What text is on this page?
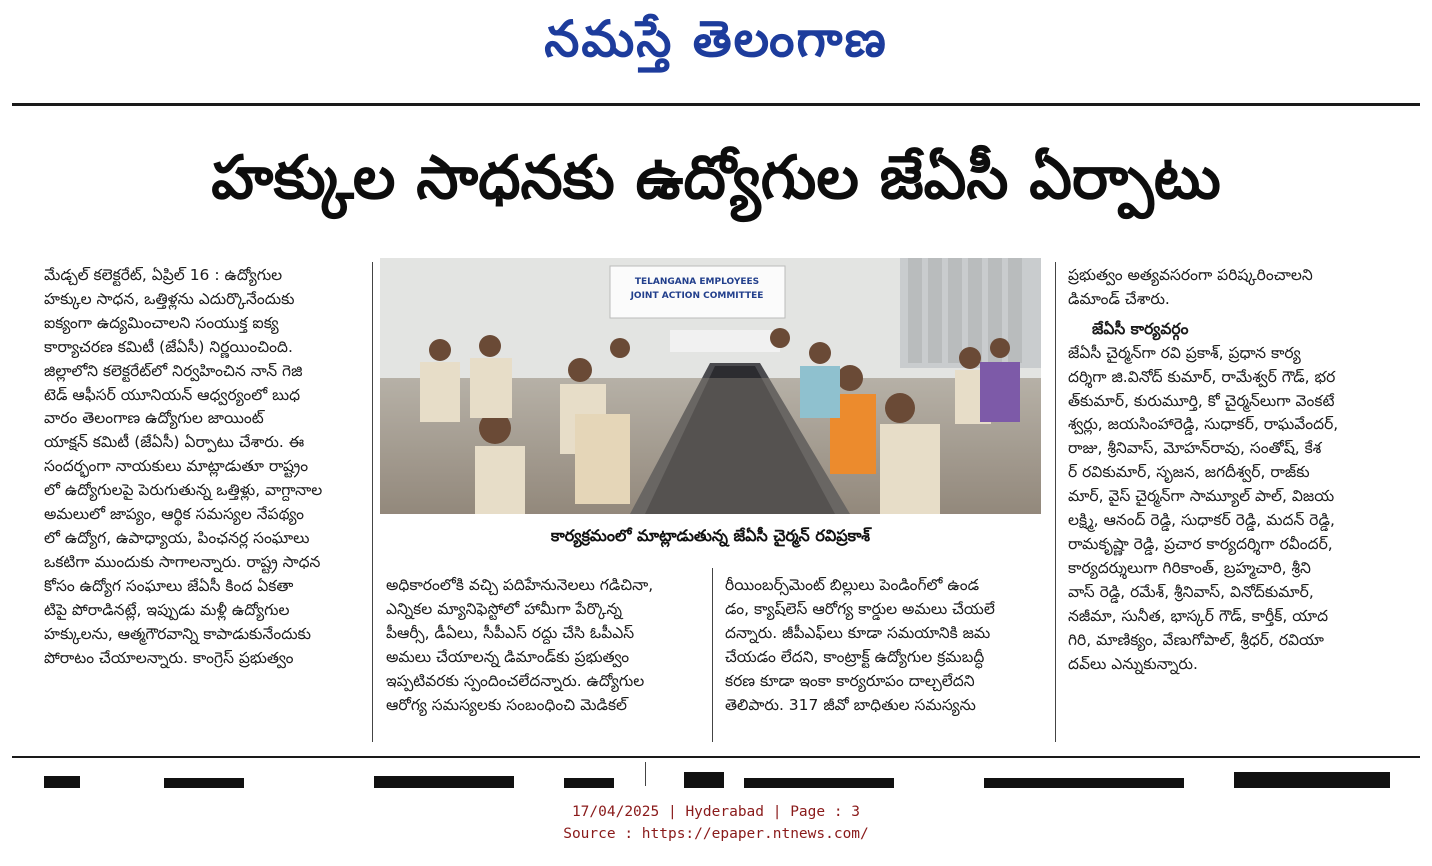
నమస్తే తెలంగాణ
హక్కుల సాధనకు ఉద్యోగుల జేఏసీ ఏర్పాటు
మేడ్చల్ కలెక్టరేట్, ఏప్రిల్ 16 : ఉద్యోగుల
హక్కుల సాధన, ఒత్తిళ్లను ఎదుర్కొనేందుకు
ఐక్యంగా ఉద్యమించాలని సంయుక్త ఐక్య
కార్యాచరణ కమిటీ (జేఏసీ) నిర్ణయించింది.
జిల్లాలోని కలెక్టరేట్‌లో నిర్వహించిన నాన్ గెజి
టెడ్ ఆఫీసర్ యూనియన్ ఆధ్వర్యంలో బుధ
వారం తెలంగాణ ఉద్యోగుల జాయింట్
యాక్షన్ కమిటీ (జేఏసీ) ఏర్పాటు చేశారు. ఈ
సందర్భంగా నాయకులు మాట్లాడుతూ రాష్ట్రం
లో ఉద్యోగులపై పెరుగుతున్న ఒత్తిళ్లు, వాగ్దానాల
అమలులో జాప్యం, ఆర్థిక సమస్యల నేపథ్యం
లో ఉద్యోగ, ఉపాధ్యాయ, పింఛనర్ల సంఘాలు
ఒకటిగా ముందుకు సాగాలన్నారు. రాష్ట్ర సాధన
కోసం ఉద్యోగ సంఘాలు జేఏసీ కింద ఏకతా
టిపై పోరాడినట్లే, ఇప్పుడు మళ్లీ ఉద్యోగుల
హక్కులను, ఆత్మగౌరవాన్ని కాపాడుకునేందుకు
పోరాటం చేయాలన్నారు. కాంగ్రెస్ ప్రభుత్వం
TELANGANA EMPLOYEES
JOINT ACTION COMMITTEE
కార్యక్రమంలో మాట్లాడుతున్న జేఏసీ చైర్మన్ రవిప్రకాశ్
అధికారంలోకి వచ్చి పదిహేనునెలలు గడిచినా,
ఎన్నికల మ్యానిఫెస్టోలో హామీగా పేర్కొన్న
పీఆర్సీ, డీఏలు, సీపీఎస్ రద్దు చేసి ఓపీఎస్
అమలు చేయాలన్న డిమాండ్‌కు ప్రభుత్వం
ఇప్పటివరకు స్పందించలేదన్నారు. ఉద్యోగుల
ఆరోగ్య సమస్యలకు సంబంధించి మెడికల్
రీయింబర్స్‌మెంట్ బిల్లులు పెండింగ్‌లో ఉండ
డం, క్యాష్‌లెస్ ఆరోగ్య కార్డుల అమలు చేయలే
దన్నారు. జీపీఎఫ్‌లు కూడా సమయానికి జమ
చేయడం లేదని, కాంట్రాక్ట్ ఉద్యోగుల క్రమబద్ధీ
కరణ కూడా ఇంకా కార్యరూపం దాల్చలేదని
తెలిపారు. 317 జీవో బాధితుల సమస్యను
ప్రభుత్వం అత్యవసరంగా పరిష్కరించాలని
డిమాండ్ చేశారు.
జేఏసీ కార్యవర్గం
జేఏసీ చైర్మన్‌గా రవి ప్రకాశ్, ప్రధాన కార్య
దర్శిగా జి.వినోద్ కుమార్, రామేశ్వర్ గౌడ్, భర
త్‌కుమార్, కురుమూర్తి, కో చైర్మన్‌లుగా వెంకటే
శ్వర్లు, జయసింహారెడ్డి, సుధాకర్, రాఘవేందర్,
రాజు, శ్రీనివాస్, మోహన్‌రావు, సంతోష్, కేశ
ర్ రవికుమార్, సృజన, జగదీశ్వర్, రాజ్‌కు
మార్, వైస్ చైర్మన్‌గా సామ్యూల్ పాల్, విజయ
లక్ష్మి, ఆనంద్ రెడ్డి, సుధాకర్ రెడ్డి, మదన్ రెడ్డి,
రామకృష్ణా రెడ్డి, ప్రచార కార్యదర్శిగా రవీందర్,
కార్యదర్శులుగా గిరికాంత్, బ్రహ్మచారి, శ్రీని
వాస్ రెడ్డి, రమేశ్, శ్రీనివాస్, వినోద్‌కుమార్,
నజీమా, సునీత, భాస్కర్ గౌడ్, కార్తీక్, యాద
గిరి, మాణిక్యం, వేణుగోపాల్, శ్రీధర్, రవియా
దవ్‌లు ఎన్నుకున్నారు.
17/04/2025 | Hyderabad | Page : 3
Source : https://epaper.ntnews.com/
